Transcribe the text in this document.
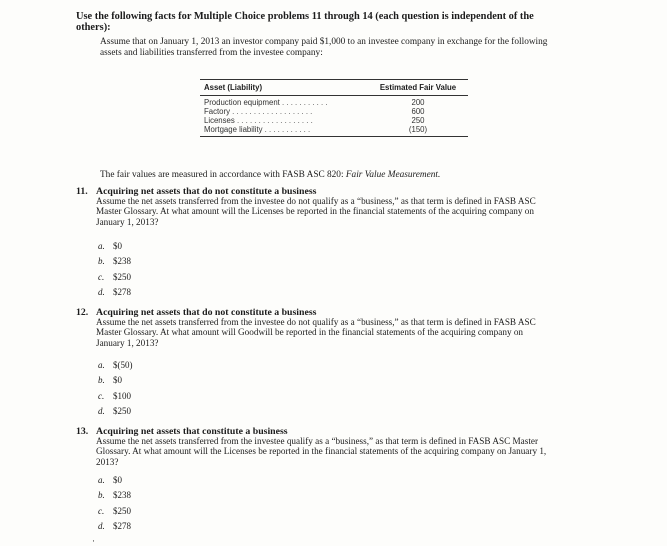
Use the following facts for Multiple Choice problems 11 through 14 (each question is independent of the others):
Assume that on January 1, 2013 an investor company paid $1,000 to an investee company in exchange for the following assets and liabilities transferred from the investee company:
Asset (Liability)	Estimated Fair Value
Production equipment . . . . . . . . . . .	200
Factory . . . . . . . . . . . . . . . . . . .	600
Licenses . . . . . . . . . . . . . . . . . .	250
Mortgage liability . . . . . . . . . . .	(150)
The fair values are measured in accordance with FASB ASC 820: Fair Value Measurement.
11. Acquiring net assets that do not constitute a business
Assume the net assets transferred from the investee do not qualify as a “business,” as that term is defined in FASB ASC Master Glossary. At what amount will the Licenses be reported in the financial statements of the acquiring company on January 1, 2013?
a. $0
b. $238
c. $250
d. $278
12. Acquiring net assets that do not constitute a business
Assume the net assets transferred from the investee do not qualify as a “business,” as that term is defined in FASB ASC Master Glossary. At what amount will Goodwill be reported in the financial statements of the acquiring company on January 1, 2013?
a. $(50)
b. $0
c. $100
d. $250
13. Acquiring net assets that constitute a business
Assume the net assets transferred from the investee qualify as a “business,” as that term is defined in FASB ASC Master Glossary. At what amount will the Licenses be reported in the financial statements of the acquiring company on January 1, 2013?
a. $0
b. $238
c. $250
d. $278
·
